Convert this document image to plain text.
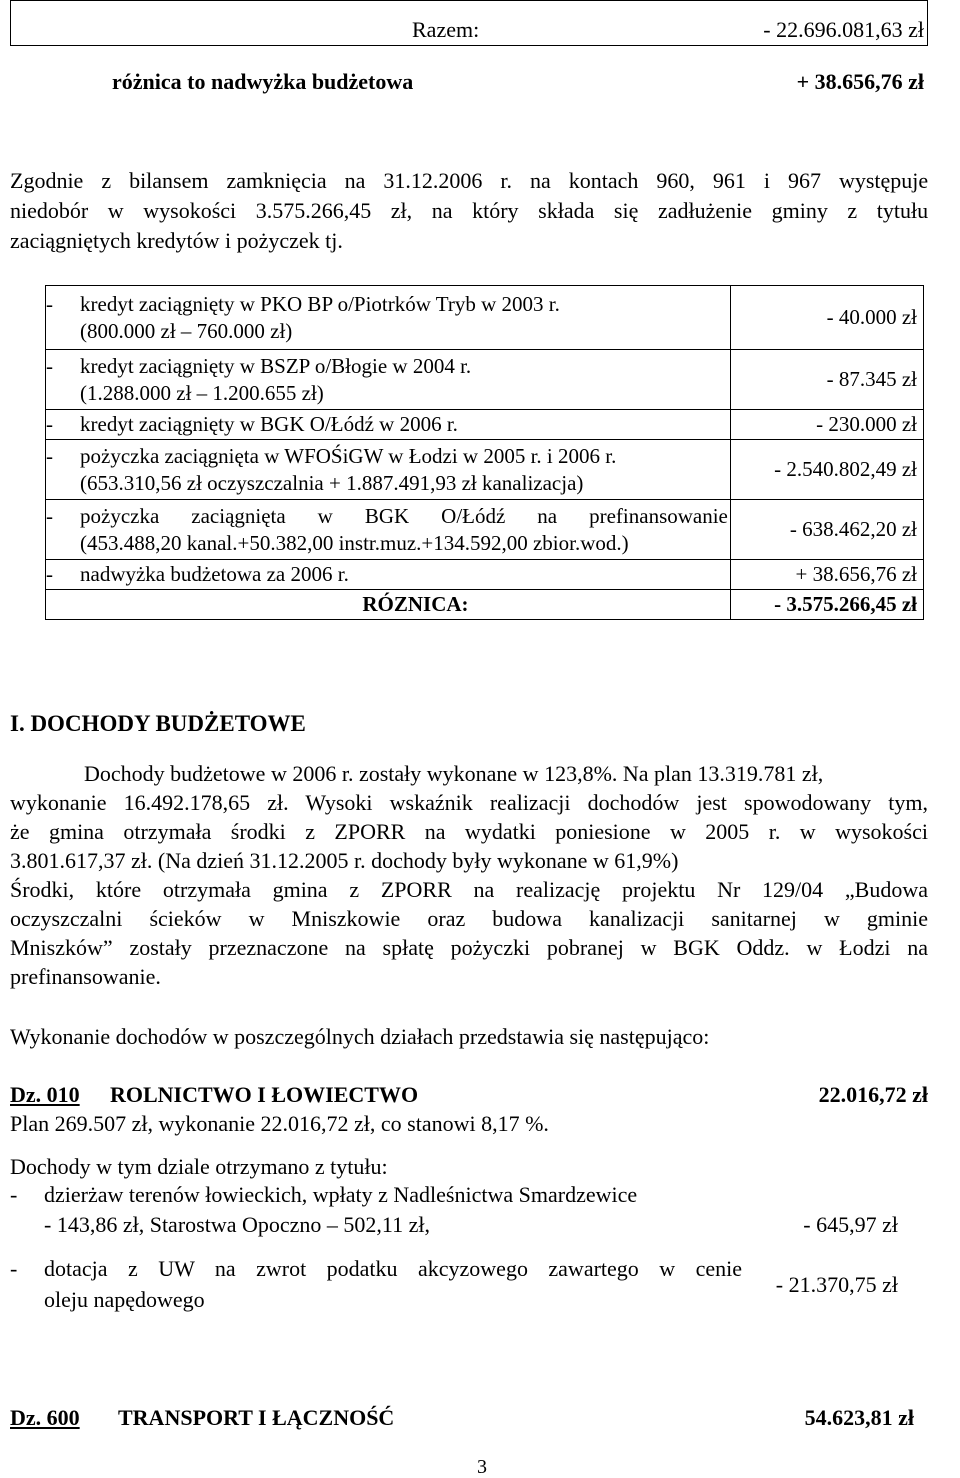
Razem:	- 22.696.081,63 zł
różnica to nadwyżka budżetowa	+ 38.656,76 zł
Zgodnie z bilansem zamknięcia na 31.12.2006 r. na kontach 960, 961 i 967 występuje
niedobór w wysokości 3.575.266,45 zł, na który składa się zadłużenie gminy z tytułu
zaciągniętych kredytów i pożyczek tj.
- kredyt zaciągnięty w PKO BP o/Piotrków Tryb w 2003 r.
(800.000 zł – 760.000 zł)	- 40.000 zł

- kredyt zaciągnięty w BSZP o/Błogie w 2004 r.
(1.288.000 zł – 1.200.655 zł)	- 87.345 zł

- kredyt zaciągnięty w BGK O/Łódź w 2006 r.	- 230.000 zł

- pożyczka zaciągnięta w WFOŚiGW w Łodzi w 2005 r. i 2006 r.
(653.310,56 zł oczyszczalnia + 1.887.491,93 zł kanalizacja)	- 2.540.802,49 zł

- pożyczka zaciągnięta w BGK O/Łódź na prefinansowanie
(453.488,20 kanal.+50.382,00 instr.muz.+134.592,00 zbior.wod.)	- 638.462,20 zł

- nadwyżka budżetowa za 2006 r.	+ 38.656,76 zł
RÓZNICA:	- 3.575.266,45 zł
I. DOCHODY BUDŻETOWE
Dochody budżetowe w 2006 r. zostały wykonane w 123,8%. Na plan 13.319.781 zł,
wykonanie 16.492.178,65 zł. Wysoki wskaźnik realizacji dochodów jest spowodowany tym,
że gmina otrzymała środki z ZPORR na wydatki poniesione w 2005 r. w wysokości
3.801.617,37 zł. (Na dzień 31.12.2005 r. dochody były wykonane w 61,9%)
Środki, które otrzymała gmina z ZPORR na realizację projektu Nr 129/04 „Budowa
oczyszczalni ścieków w Mniszkowie oraz budowa kanalizacji sanitarnej w gminie
Mniszków” zostały przeznaczone na spłatę pożyczki pobranej w BGK Oddz. w Łodzi na
prefinansowanie.
Wykonanie dochodów w poszczególnych działach przedstawia się następująco:
Dz. 010 ROLNICTWO I ŁOWIECTWO	22.016,72 zł
Plan 269.507 zł, wykonanie 22.016,72 zł, co stanowi 8,17 %.
Dochody w tym dziale otrzymano z tytułu:
- dzierżaw terenów łowieckich, wpłaty z Nadleśnictwa Smardzewice
- 143,86 zł, Starostwa Opoczno – 502,11 zł,	- 645,97 zł
- dotacja z UW na zwrot podatku akcyzowego zawartego w cenie
oleju napędowego
- 21.370,75 zł
Dz. 600 TRANSPORT I ŁĄCZNOŚĆ	54.623,81 zł
3
